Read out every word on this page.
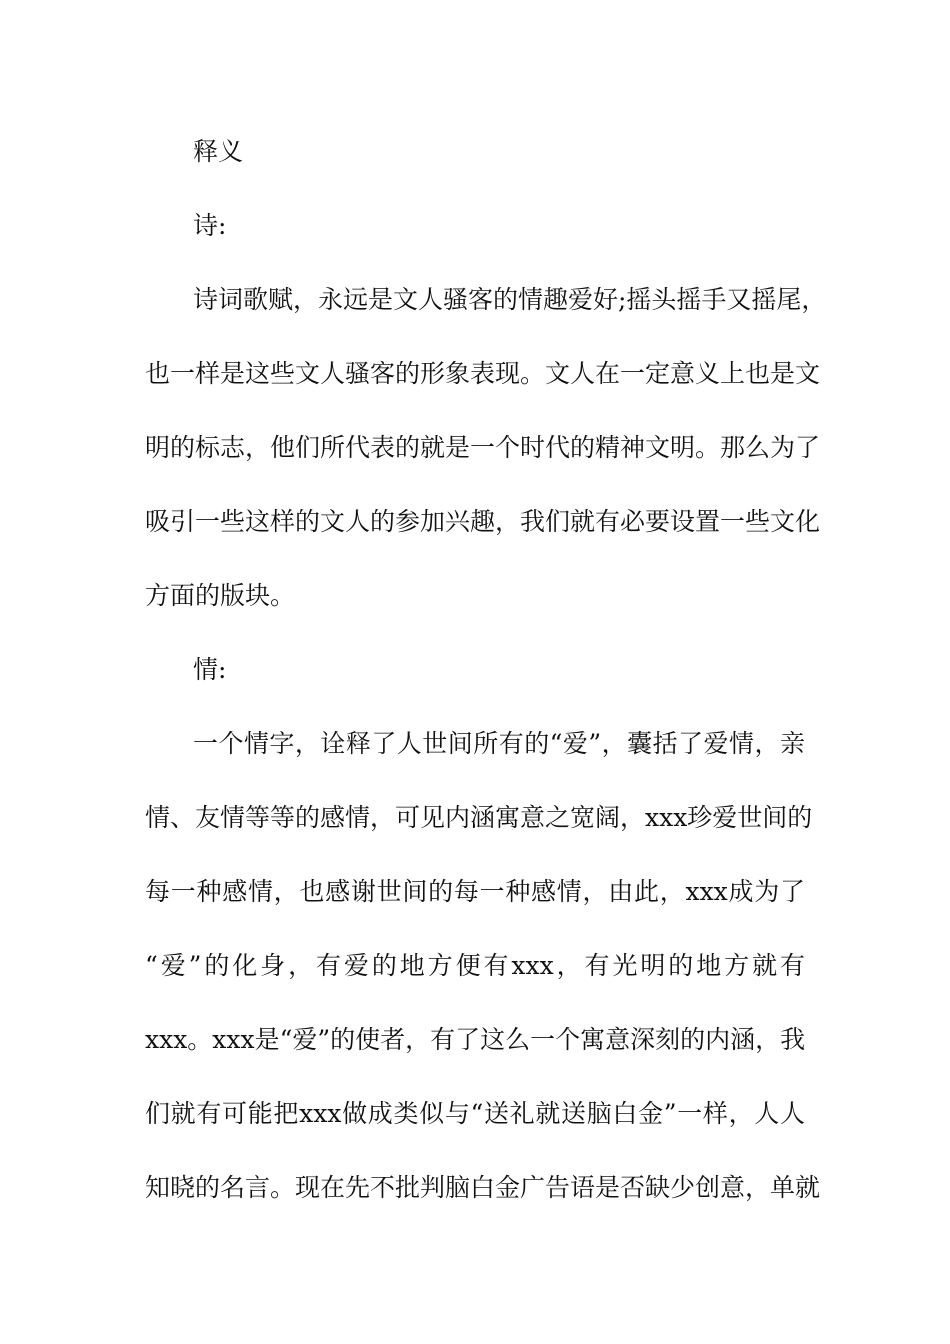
释义
诗:
诗词歌赋，永远是文人骚客的情趣爱好;摇头摇手又摇尾，
也一样是这些文人骚客的形象表现。文人在一定意义上也是文
明的标志，他们所代表的就是一个时代的精神文明。那么为了
吸引一些这样的文人的参加兴趣，我们就有必要设置一些文化
方面的版块。
情:
一个情字，诠释了人世间所有的“爱”，囊括了爱情，亲
情、友情等等的感情，可见内涵寓意之宽阔，xxx珍爱世间的
每一种感情，也感谢世间的每一种感情，由此，xxx成为了
“爱”的化身，有爱的地方便有xxx，有光明的地方就有
xxx。xxx是“爱”的使者，有了这么一个寓意深刻的内涵，我
们就有可能把xxx做成类似与“送礼就送脑白金”一样，人人
知晓的名言。现在先不批判脑白金广告语是否缺少创意，单就
